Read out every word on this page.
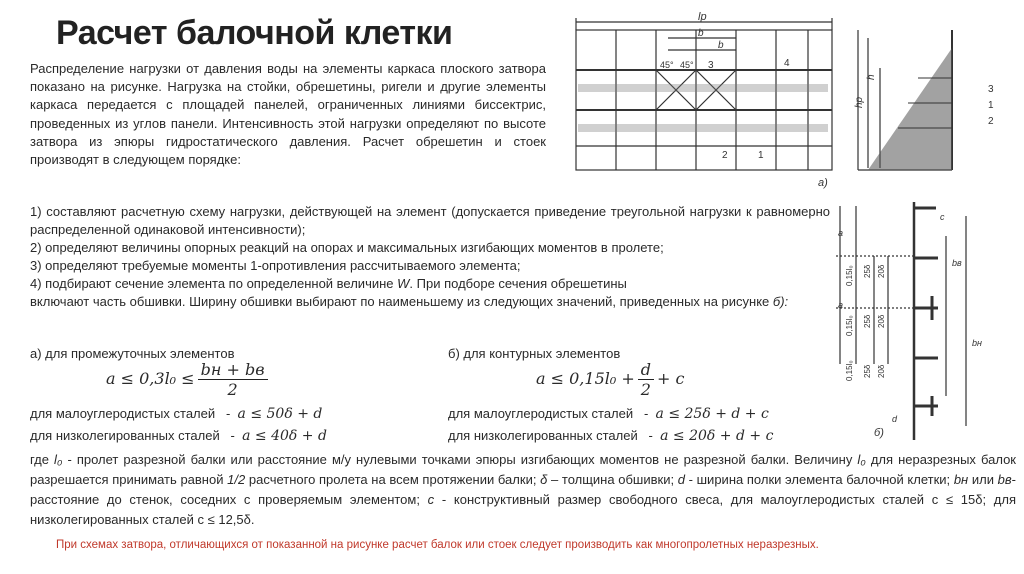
Расчет балочной клетки
Распределение нагрузки от давления воды на элементы каркаса плоского затвора показано на рисунке. Нагрузка на стойки, обрешетины, ригели и другие элементы каркаса передается с площадей панелей, ограниченных линиями биссектрис, проведенных из углов панели. Интенсивность этой нагрузки определяют по высоте затвора из эпюры гидростатического давления. Расчет обрешетин и стоек производят в следующем порядке:
lр
b
b
45° 45° 3	4
2	1
hр
h
3
1
2
а)
a
0,15l₀ 25δ 20δ
0,15l₀ 25δ 20δ
a
0,15l₀ 25δ 20δ
bв
bн
c
d
б)

1) составляют расчетную схему нагрузки, действующей на элемент (допускается приведение треугольной нагрузки к равномерно распределенной одинаковой интенсивности);

2) определяют величины опорных реакций на опорах и максимальных изгибающих моментов в пролете;

3) определяют требуемые моменты 1-опротивления рассчитываемого элемента;

4) подбирают сечение элемента по определенной величине W. При подборе сечения обрешетины

включают часть обшивки. Ширину обшивки выбирают по наименьшему из следующих значений, приведенных на рисунке б):

а) для промежуточных элементов
$a \le 0,3l_0 \le \frac{bн + bв}{2}$
для малоуглеродистых сталей - a ≤ 50δ + d
для низколегированных сталей - a ≤ 40δ + d
б) для контурных элементов
$a \le 0,15l_0 + \frac{d}{2} + c$
для малоуглеродистых сталей - a ≤ 25δ + d + c
для низколегированных сталей - a ≤ 20δ + d + c
где l₀ - пролет разрезной балки или расстояние м/у нулевыми точками эпюры изгибающих моментов не разрезной балки. Величину l₀ для неразрезных балок разрешается принимать равной 1/2 расчетного пролета на всем протяжении балки; δ – толщина обшивки; d - ширина полки элемента балочной клетки; bн или bв- расстояние до стенок, соседних с проверяемым элементом; c - конструктивный размер свободного свеса, для малоуглеродистых сталей c ≤ 15δ; для низколегированных сталей c ≤ 12,5δ.
При схемах затвора, отличающихся от показанной на рисунке расчет балок или стоек следует производить как многопролетных неразрезных.
